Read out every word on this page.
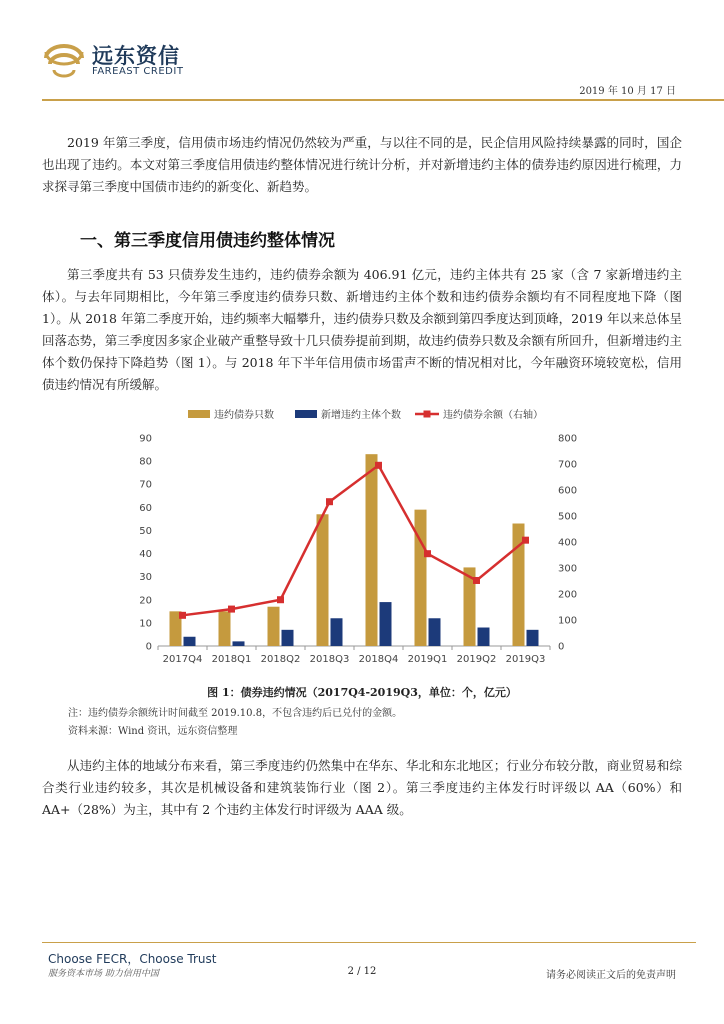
远东资信
FAREAST CREDIT
2019 年 10 月 17 日

2019 年第三季度，信用债市场违约情况仍然较为严重，与以往不同的是，民企信用风险持续暴露的同时，国企也出现了违约。本文对第三季度信用债违约整体情况进行统计分析，并对新增违约主体的债券违约原因进行梳理，力求探寻第三季度中国债市违约的新变化、新趋势。

一、第三季度信用债违约整体情况

第三季度共有 53 只债券发生违约，违约债券余额为 406.91 亿元，违约主体共有 25 家（含 7 家新增违约主体）。与去年同期相比，今年第三季度违约债券只数、新增违约主体个数和违约债券余额均有不同程度地下降（图 1）。从 2018 年第二季度开始，违约频率大幅攀升，违约债券只数及余额到第四季度达到顶峰，2019 年以来总体呈回落态势，第三季度因多家企业破产重整导致十几只债券提前到期，故违约债券只数及余额有所回升，但新增违约主体个数仍保持下降趋势（图 1）。与 2018 年下半年信用债市场雷声不断的情况相对比，今年融资环境较宽松，信用债违约情况有所缓解。

违约债券只数	新增违约主体个数	违约债券余额（右轴）
0
10
20
30
40
50
60
70
80
90
0
100
200
300
400
500
600
700
800
2017Q4 2018Q1 2018Q2 2018Q3 2018Q4 2019Q1 2019Q2 2019Q3
图 1：债券违约情况（2017Q4-2019Q3，单位：个，亿元）
注：违约债券余额统计时间截至 2019.10.8，不包含违约后已兑付的金额。
资料来源：Wind 资讯，远东资信整理

从违约主体的地域分布来看，第三季度违约仍然集中在华东、华北和东北地区；行业分布较分散，商业贸易和综合类行业违约较多，其次是机械设备和建筑装饰行业（图 2）。第三季度违约主体发行时评级以 AA（60%）和 AA+（28%）为主，其中有 2 个违约主体发行时评级为 AAA 级。

Choose FECR，Choose Trust
服务资本市场 助力信用中国	2 / 12	请务必阅读正文后的免责声明
